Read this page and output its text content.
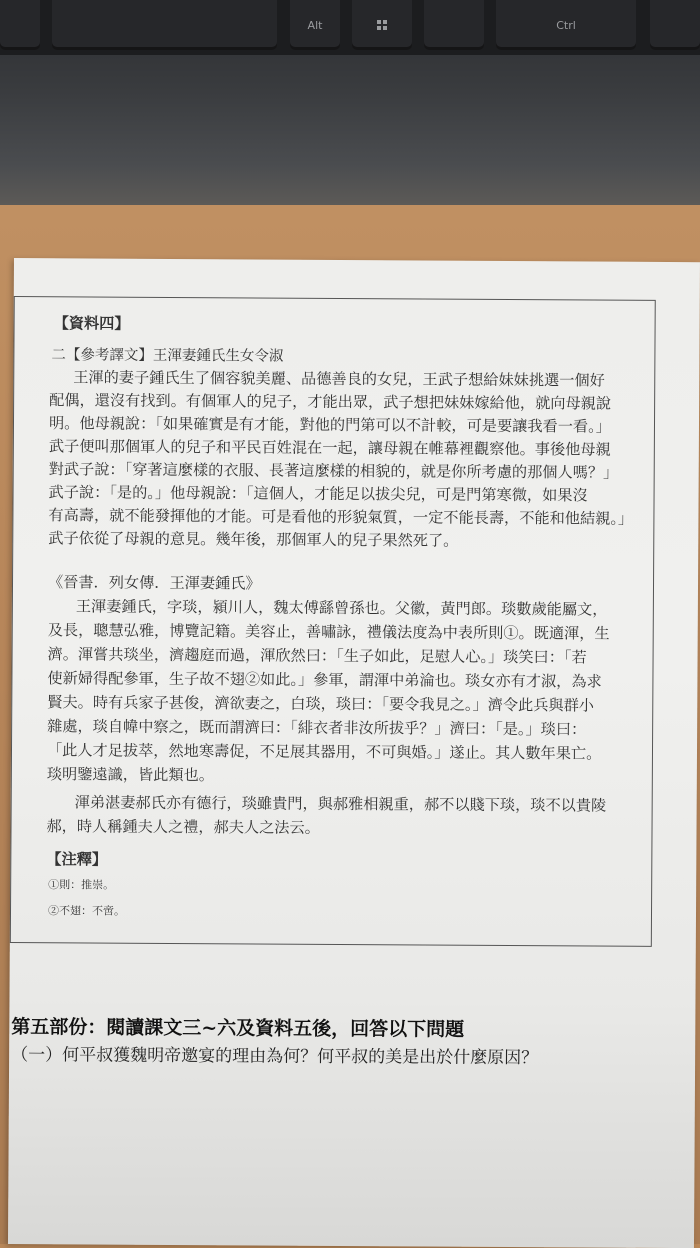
Alt	Ctrl
【資料四】
二【參考譯文】王渾妻鍾氏生女令淑
王渾的妻子鍾氏生了個容貌美麗、品德善良的女兒，王武子想給妹妹挑選一個好
配偶，還沒有找到。有個軍人的兒子，才能出眾，武子想把妹妹嫁給他，就向母親說
明。他母親說：「如果確實是有才能，對他的門第可以不計較，可是要讓我看一看。」
武子便叫那個軍人的兒子和平民百姓混在一起，讓母親在帷幕裡觀察他。事後他母親
對武子說：「穿著這麼樣的衣服、長著這麼樣的相貌的，就是你所考慮的那個人嗎？」
武子說：「是的。」他母親說：「這個人，才能足以拔尖兒，可是門第寒微，如果沒
有高壽，就不能發揮他的才能。可是看他的形貌氣質，一定不能長壽，不能和他結親。」
武子依從了母親的意見。幾年後，那個軍人的兒子果然死了。
《晉書．列女傳．王渾妻鍾氏》
王渾妻鍾氏，字琰，潁川人，魏太傅繇曾孫也。父徽，黃門郎。琰數歲能屬文，
及長，聰慧弘雅，博覽記籍。美容止，善嘯詠，禮儀法度為中表所則①。既適渾，生
濟。渾嘗共琰坐，濟趨庭而過，渾欣然曰：「生子如此，足慰人心。」琰笑曰：「若
使新婦得配參軍，生子故不翅②如此。」參軍，謂渾中弟淪也。琰女亦有才淑，為求
賢夫。時有兵家子甚俊，濟欲妻之，白琰，琰曰：「要令我見之。」濟令此兵與群小
雜處，琰自幃中察之，既而謂濟曰：「緋衣者非汝所拔乎？」濟曰：「是。」琰曰：
「此人才足拔萃，然地寒壽促，不足展其器用，不可與婚。」遂止。其人數年果亡。
琰明鑒遠識，皆此類也。
渾弟湛妻郝氏亦有德行，琰雖貴門，與郝雅相親重，郝不以賤下琰，琰不以貴陵
郝，時人稱鍾夫人之禮，郝夫人之法云。
【注釋】
①則：推崇。
②不翅：不啻。
第五部份：閱讀課文三~六及資料五後，回答以下問題
（一）何平叔獲魏明帝邀宴的理由為何？何平叔的美是出於什麼原因？
